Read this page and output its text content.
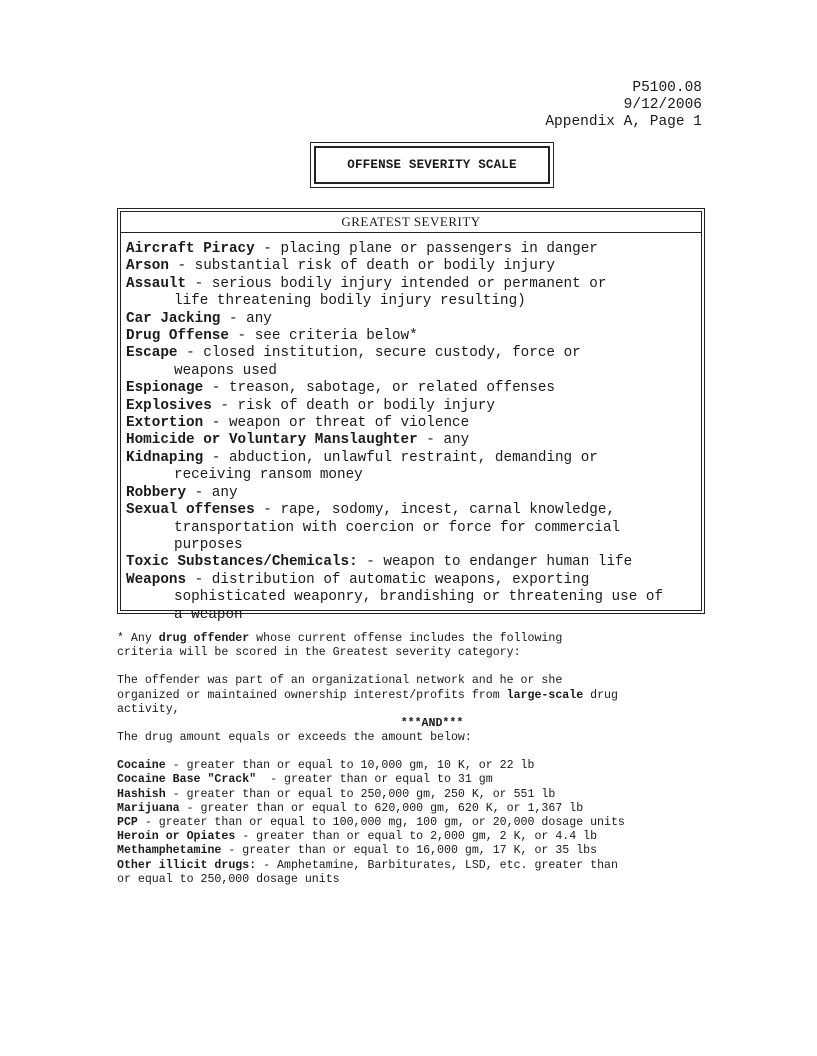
P5100.08
9/12/2006
Appendix A, Page 1
OFFENSE SEVERITY SCALE
GREATEST SEVERITY

Aircraft Piracy - placing plane or passengers in danger

Arson - substantial risk of death or bodily injury

Assault - serious bodily injury intended or permanent or
life threatening bodily injury resulting)

Car Jacking - any

Drug Offense - see criteria below*

Escape - closed institution, secure custody, force or
weapons used

Espionage - treason, sabotage, or related offenses

Explosives - risk of death or bodily injury

Extortion - weapon or threat of violence

Homicide or Voluntary Manslaughter - any

Kidnaping - abduction, unlawful restraint, demanding or
receiving ransom money

Robbery - any

Sexual offenses - rape, sodomy, incest, carnal knowledge,
transportation with coercion or force for commercial
purposes

Toxic Substances/Chemicals: - weapon to endanger human life

Weapons - distribution of automatic weapons, exporting
sophisticated weaponry, brandishing or threatening use of
a weapon

* Any drug offender whose current offense includes the following

criteria will be scored in the Greatest severity category:

The offender was part of an organizational network and he or she

organized or maintained ownership interest/profits from large-scale drug

activity,

***AND***

The drug amount equals or exceeds the amount below:

Cocaine - greater than or equal to 10,000 gm, 10 K, or 22 lb

Cocaine Base "Crack"  - greater than or equal to 31 gm

Hashish - greater than or equal to 250,000 gm, 250 K, or 551 lb

Marijuana - greater than or equal to 620,000 gm, 620 K, or 1,367 lb

PCP - greater than or equal to 100,000 mg, 100 gm, or 20,000 dosage units

Heroin or Opiates - greater than or equal to 2,000 gm, 2 K, or 4.4 lb

Methamphetamine - greater than or equal to 16,000 gm, 17 K, or 35 lbs

Other illicit drugs: - Amphetamine, Barbiturates, LSD, etc. greater than

or equal to 250,000 dosage units
